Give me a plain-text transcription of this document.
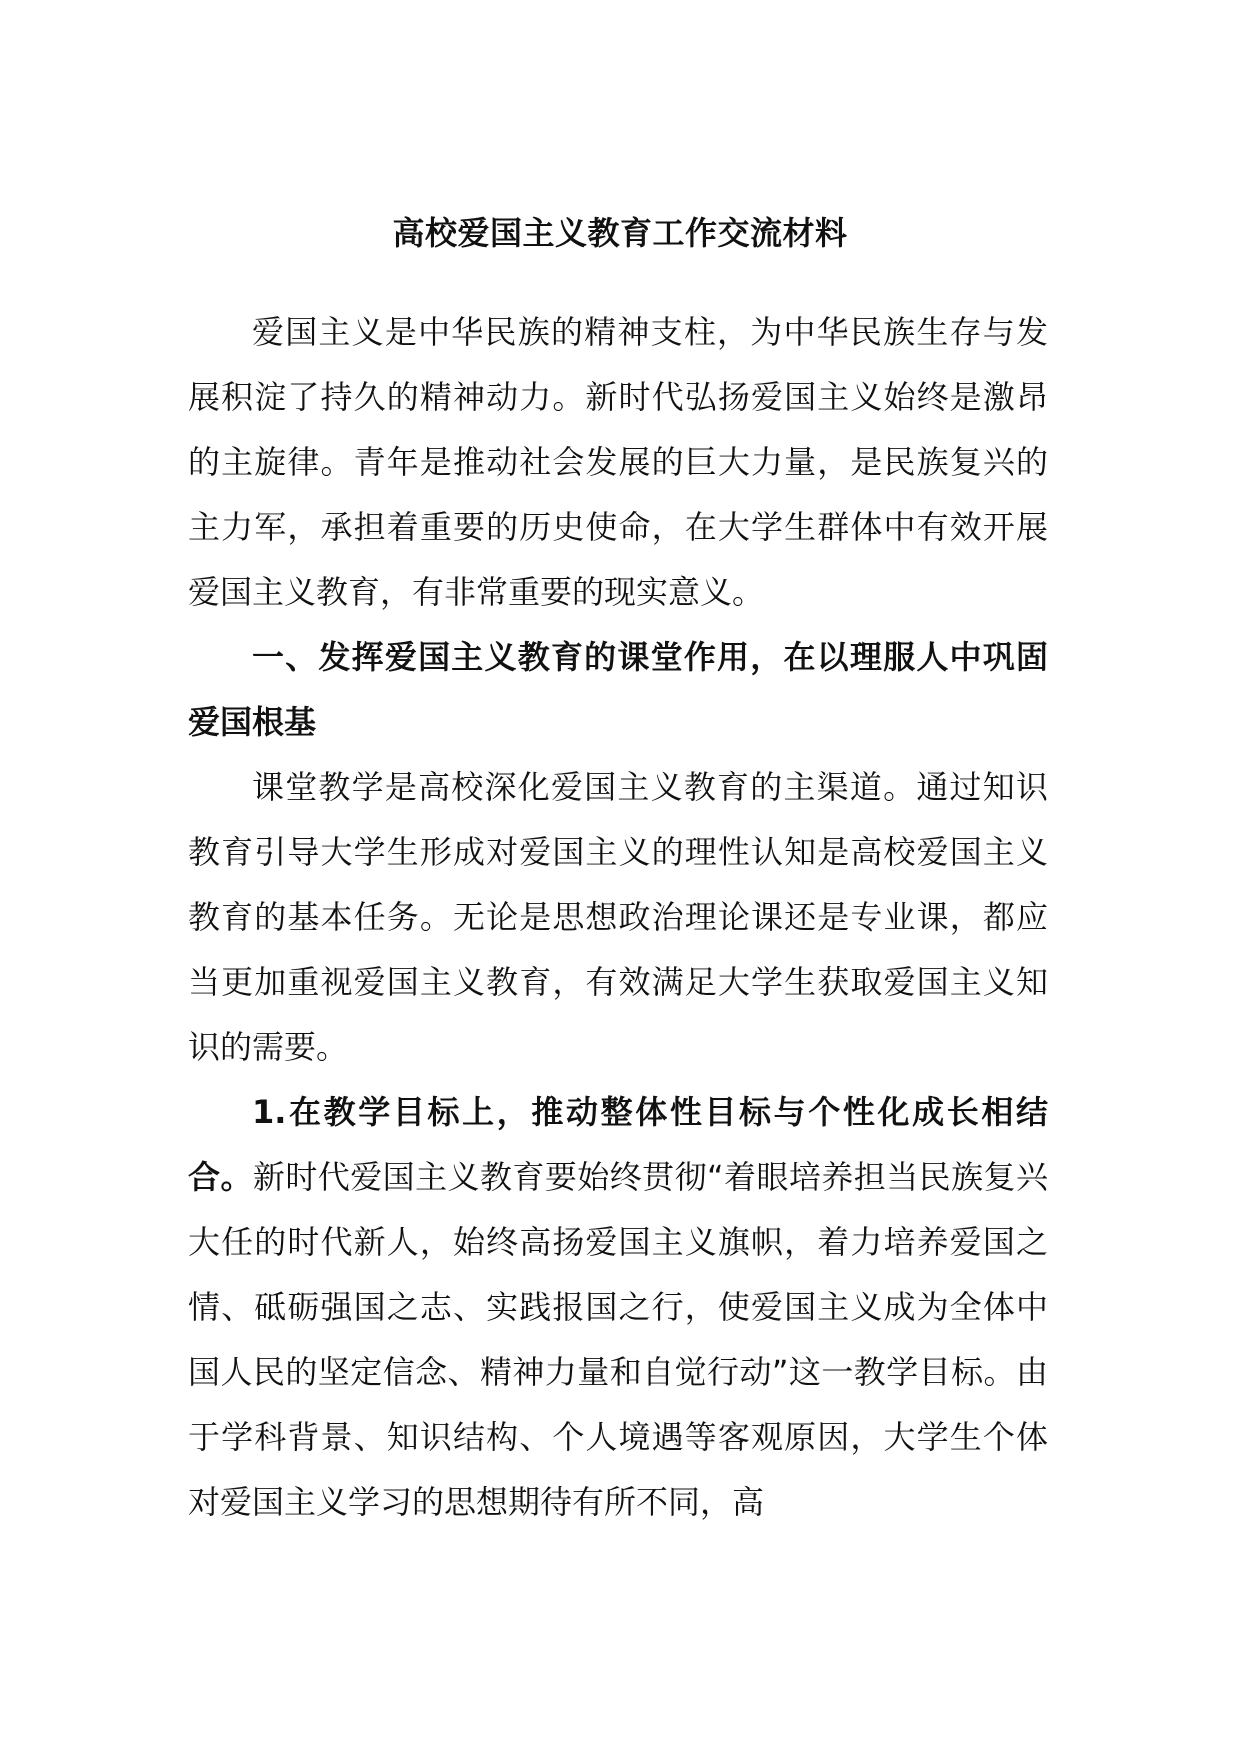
高校爱国主义教育工作交流材料

爱国主义是中华民族的精神支柱，为中华民族生存与发展积淀了持久的精神动力。新时代弘扬爱国主义始终是激昂的主旋律。青年是推动社会发展的巨大力量，是民族复兴的主力军，承担着重要的历史使命，在大学生群体中有效开展爱国主义教育，有非常重要的现实意义。

一、发挥爱国主义教育的课堂作用，在以理服人中巩固爱国根基

课堂教学是高校深化爱国主义教育的主渠道。通过知识教育引导大学生形成对爱国主义的理性认知是高校爱国主义教育的基本任务。无论是思想政治理论课还是专业课，都应当更加重视爱国主义教育，有效满足大学生获取爱国主义知识的需要。

1.在教学目标上，推动整体性目标与个性化成长相结合。新时代爱国主义教育要始终贯彻“着眼培养担当民族复兴大任的时代新人，始终高扬爱国主义旗帜，着力培养爱国之情、砥砺强国之志、实践报国之行，使爱国主义成为全体中国人民的坚定信念、精神力量和自觉行动”这一教学目标。由于学科背景、知识结构、个人境遇等客观原因，大学生个体对爱国主义学习的思想期待有所不同，高
